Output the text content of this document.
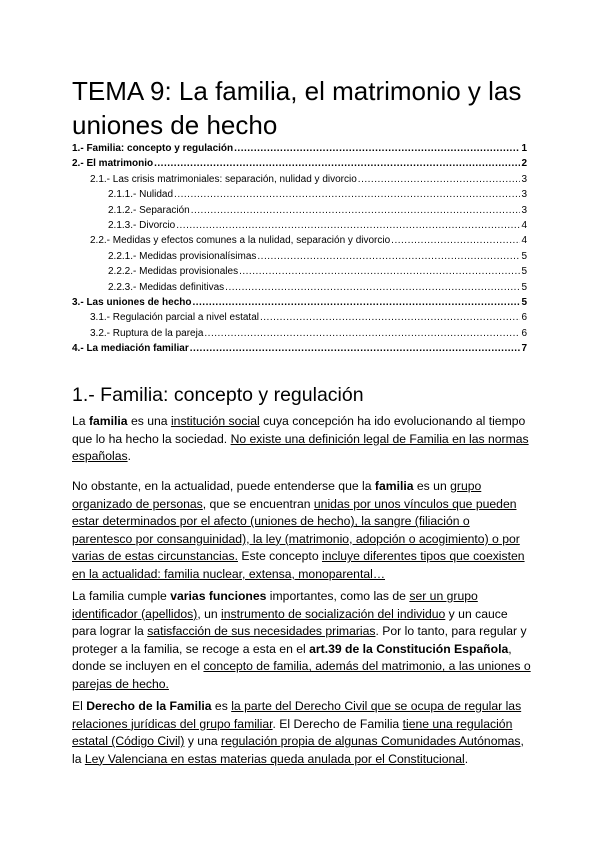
TEMA 9: La familia, el matrimonio y las uniones de hecho
1.- Familia: concepto y regulación .....	1
2.- El matrimonio .....	2
2.1.- Las crisis matrimoniales: separación, nulidad y divorcio .....	3
2.1.1.- Nulidad .....	3
2.1.2.- Separación .....	3
2.1.3.- Divorcio .....	4
2.2.- Medidas y efectos comunes a la nulidad, separación y divorcio .....	4
2.2.1.- Medidas provisionalísimas .....	5
2.2.2.- Medidas provisionales .....	5
2.2.3.- Medidas definitivas .....	5
3.- Las uniones de hecho .....	5
3.1.- Regulación parcial a nivel estatal .....	6
3.2.- Ruptura de la pareja .....	6
4.- La mediación familiar .....	7
1.- Familia: concepto y regulación

La familia es una institución social cuya concepción ha ido evolucionando al tiempo que lo ha hecho la sociedad. No existe una definición legal de Familia en las normas españolas.

No obstante, en la actualidad, puede entenderse que la familia es un grupo organizado de personas, que se encuentran unidas por unos vínculos que pueden estar determinados por el afecto (uniones de hecho), la sangre (filiación o parentesco por consanguinidad), la ley (matrimonio, adopción o acogimiento) o por varias de estas circunstancias. Este concepto incluye diferentes tipos que coexisten en la actualidad: familia nuclear, extensa, monoparental…

La familia cumple varias funciones importantes, como las de ser un grupo identificador (apellidos), un instrumento de socialización del individuo y un cauce para lograr la satisfacción de sus necesidades primarias. Por lo tanto, para regular y proteger a la familia, se recoge a esta en el art.39 de la Constitución Española, donde se incluyen en el concepto de familia, además del matrimonio, a las uniones o parejas de hecho.

El Derecho de la Familia es la parte del Derecho Civil que se ocupa de regular las relaciones jurídicas del grupo familiar. El Derecho de Familia tiene una regulación estatal (Código Civil) y una regulación propia de algunas Comunidades Autónomas, la Ley Valenciana en estas materias queda anulada por el Constitucional.
